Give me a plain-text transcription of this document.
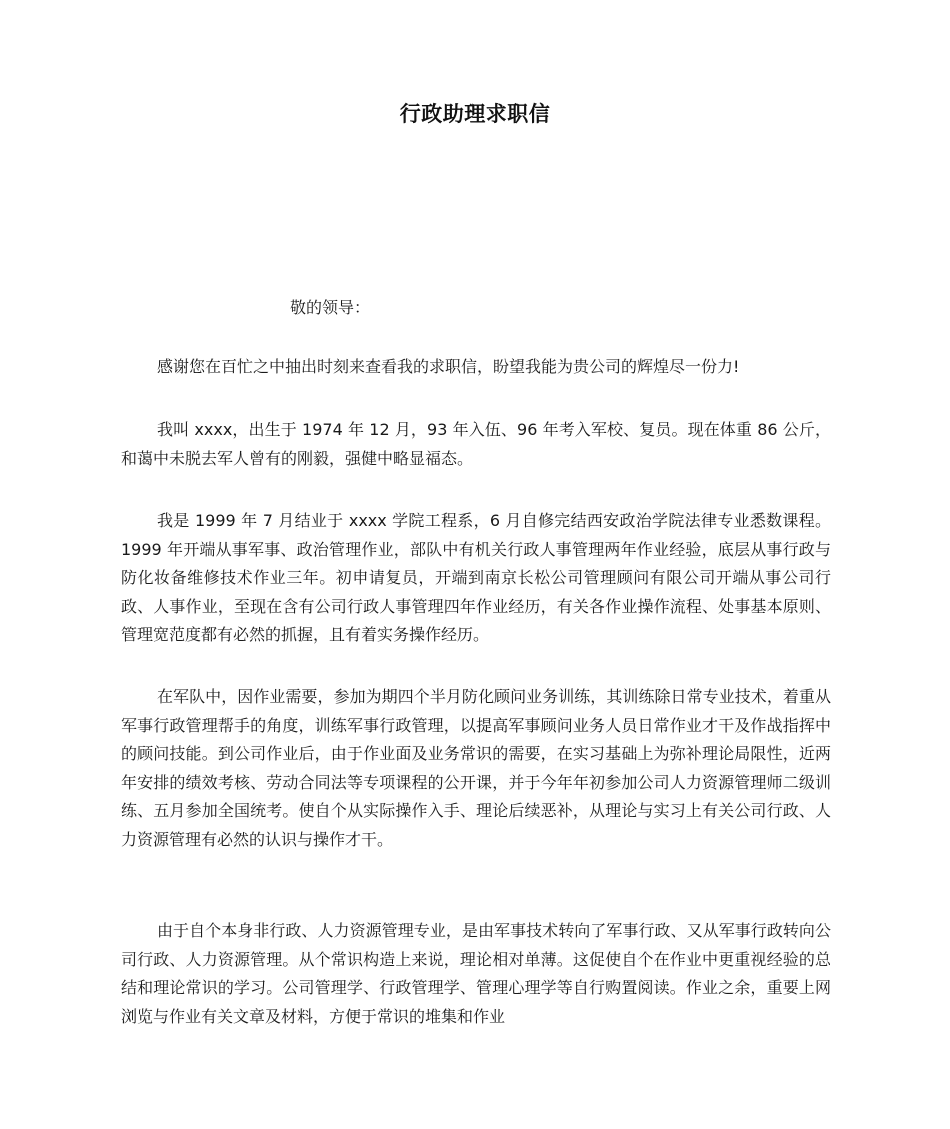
行政助理求职信
敬的领导：

感谢您在百忙之中抽出时刻来查看我的求职信，盼望我能为贵公司的辉煌尽一份力!

我叫 xxxx，出生于 1974 年 12 月，93 年入伍、96 年考入军校、复员。现在体重 86 公斤，和蔼中未脱去军人曾有的刚毅，强健中略显福态。

我是 1999 年 7 月结业于 xxxx 学院工程系，6 月自修完结西安政治学院法律专业悉数课程。1999 年开端从事军事、政治管理作业，部队中有机关行政人事管理两年作业经验，底层从事行政与防化妆备维修技术作业三年。初申请复员，开端到南京长松公司管理顾问有限公司开端从事公司行政、人事作业，至现在含有公司行政人事管理四年作业经历，有关各作业操作流程、处事基本原则、管理宽范度都有必然的抓握，且有着实务操作经历。

在军队中，因作业需要，参加为期四个半月防化顾问业务训练，其训练除日常专业技术，着重从军事行政管理帮手的角度，训练军事行政管理，以提高军事顾问业务人员日常作业才干及作战指挥中的顾问技能。到公司作业后，由于作业面及业务常识的需要，在实习基础上为弥补理论局限性，近两年安排的绩效考核、劳动合同法等专项课程的公开课，并于今年年初参加公司人力资源管理师二级训练、五月参加全国统考。使自个从实际操作入手、理论后续恶补，从理论与实习上有关公司行政、人力资源管理有必然的认识与操作才干。

由于自个本身非行政、人力资源管理专业，是由军事技术转向了军事行政、又从军事行政转向公司行政、人力资源管理。从个常识构造上来说，理论相对单薄。这促使自个在作业中更重视经验的总结和理论常识的学习。公司管理学、行政管理学、管理心理学等自行购置阅读。作业之余，重要上网浏览与作业有关文章及材料，方便于常识的堆集和作业
